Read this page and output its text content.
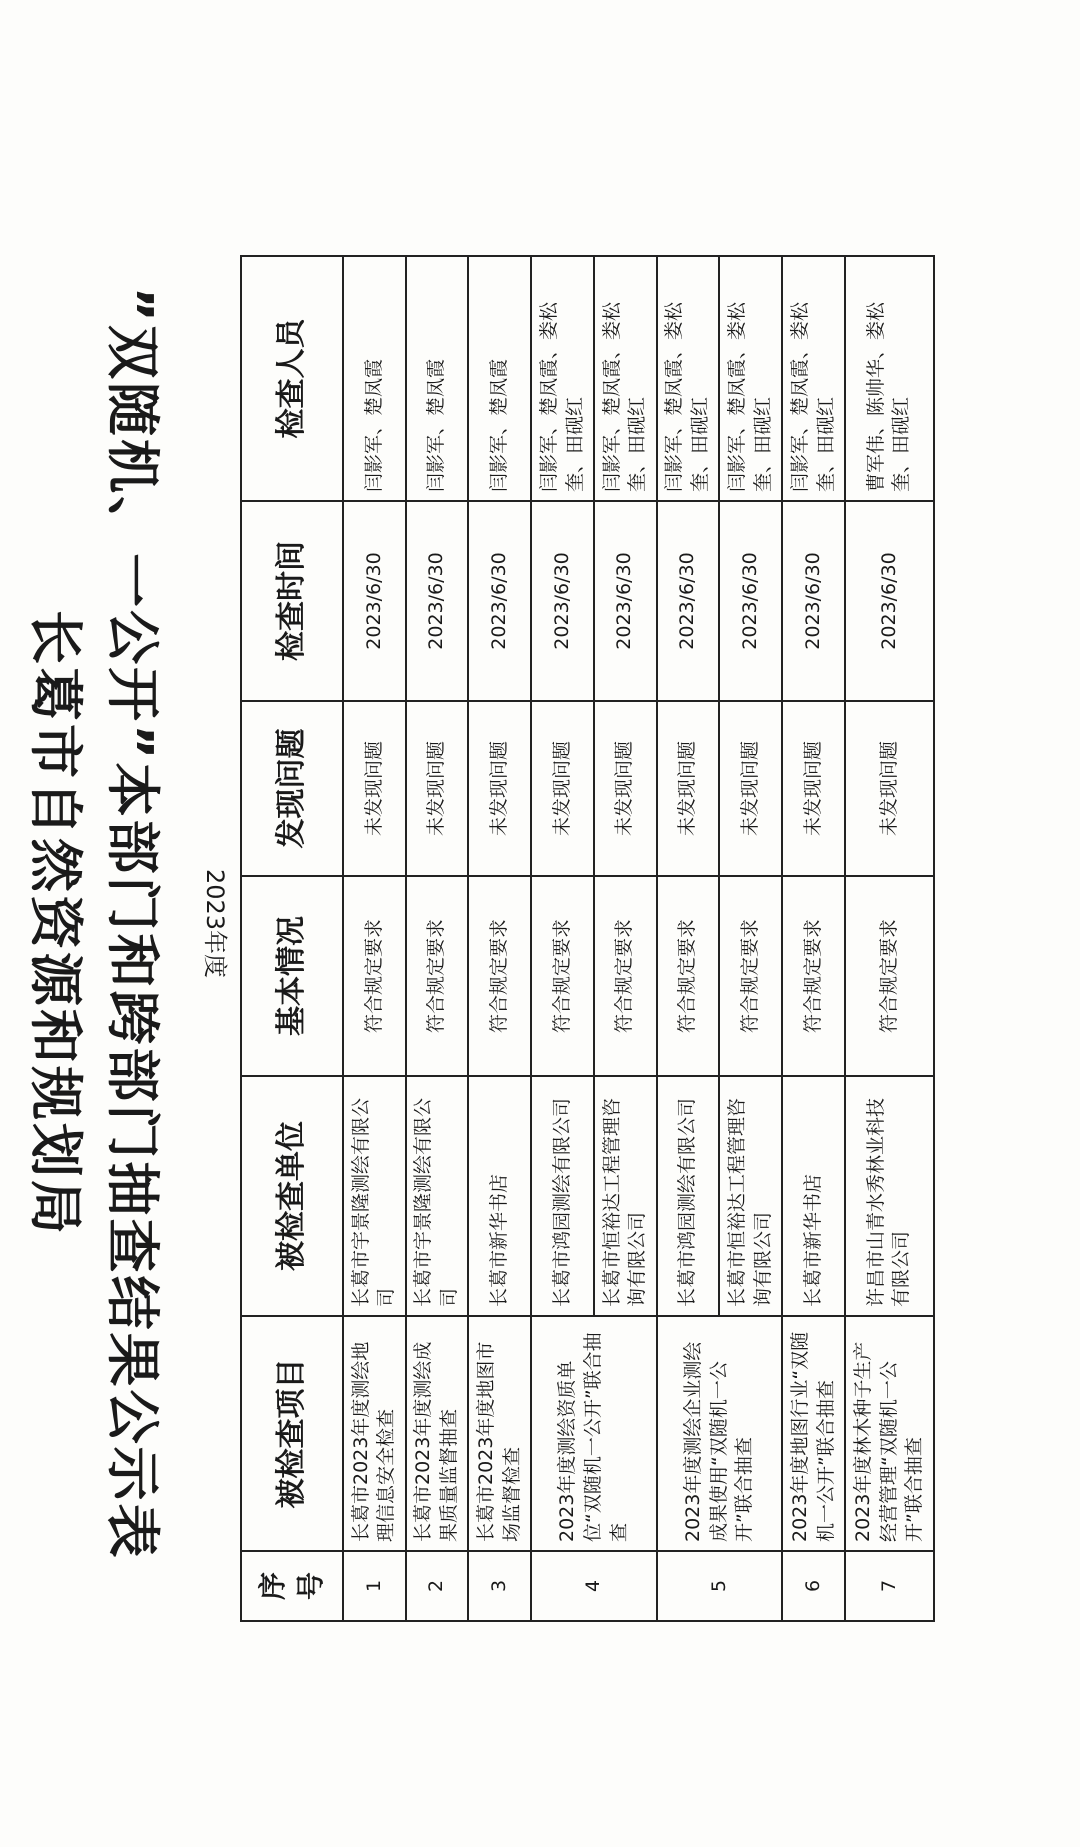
长葛市自然资源和规划局 ”双随机、一公开”本部门和跨部门抽查结果公示表	2023年度
序号	被检查项目	被检查单位	基本情况	发现问题	检查时间	检查人员
1	长葛市2023年度测绘地理信息安全检查	长葛市宇景隆测绘有限公司	符合规定要求	未发现问题	2023/6/30	闫影军、楚凤霞
2	长葛市2023年度测绘成果质量监督抽查	长葛市宇景隆测绘有限公司	符合规定要求	未发现问题	2023/6/30	闫影军、楚凤霞
3	长葛市2023年度地图市场监督检查	长葛市新华书店	符合规定要求	未发现问题	2023/6/30	闫影军、楚凤霞
4	2023年度测绘资质单位“双随机一公开”联合抽查	长葛市鸿园测绘有限公司	符合规定要求	未发现问题	2023/6/30	闫影军、楚凤霞、娄松奎、田砚红
		长葛市恒裕达工程管理咨询有限公司	符合规定要求	未发现问题	2023/6/30	闫影军、楚凤霞、娄松奎、田砚红
5	2023年度测绘企业测绘成果使用“双随机一公开”联合抽查	长葛市鸿园测绘有限公司	符合规定要求	未发现问题	2023/6/30	闫影军、楚凤霞、娄松奎、田砚红
		长葛市恒裕达工程管理咨询有限公司	符合规定要求	未发现问题	2023/6/30	闫影军、楚凤霞、娄松奎、田砚红
6	2023年度地图行业“双随机一公开”联合抽查	长葛市新华书店	符合规定要求	未发现问题	2023/6/30	闫影军、楚凤霞、娄松奎、田砚红
7	2023年度林木种子生产经营管理“双随机一公开”联合抽查	许昌市山青水秀林业科技有限公司	符合规定要求	未发现问题	2023/6/30	曹军伟、陈帅华、娄松奎、田砚红
